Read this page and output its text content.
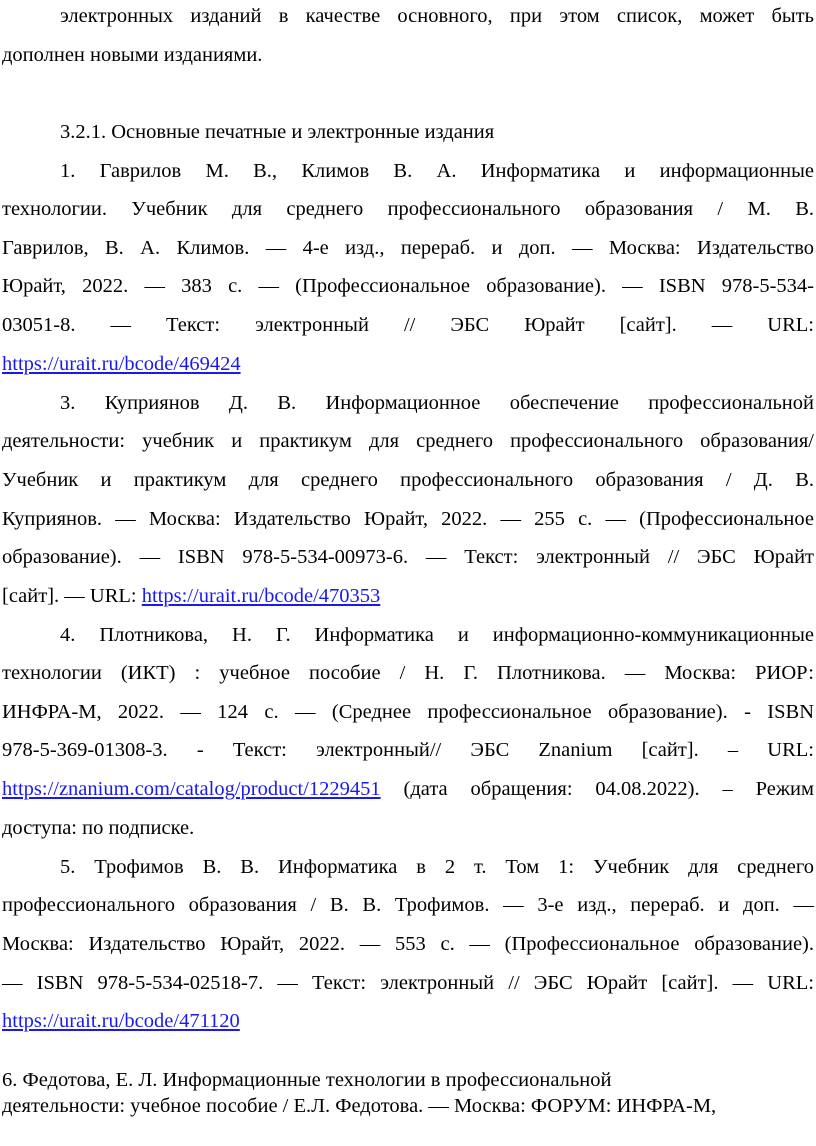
электронных изданий в качестве основного, при этом список, может быть
дополнен новыми изданиями.
3.2.1. Основные печатные и электронные издания
1. Гаврилов М. В., Климов В. А. Информатика и информационные
технологии. Учебник для среднего профессионального образования / М. В.
Гаврилов, В. А. Климов. — 4-е изд., перераб. и доп. — Москва: Издательство
Юрайт, 2022. — 383 с. — (Профессиональное образование). — ISBN 978-5-534-
03051-8. — Текст: электронный // ЭБС Юрайт [сайт]. — URL:
https://urait.ru/bcode/469424
3. Куприянов Д. В. Информационное обеспечение профессиональной
деятельности: учебник и практикум для среднего профессионального образования/
Учебник и практикум для среднего профессионального образования / Д. В.
Куприянов. — Москва: Издательство Юрайт, 2022. — 255 с. — (Профессиональное
образование). — ISBN 978-5-534-00973-6. — Текст: электронный // ЭБС Юрайт
[сайт]. — URL: https://urait.ru/bcode/470353
4. Плотникова, Н. Г. Информатика и информационно-коммуникационные
технологии (ИКТ) : учебное пособие / Н. Г. Плотникова. — Москва: РИОР:
ИНФРА-М, 2022. — 124 с. — (Среднее профессиональное образование). - ISBN
978-5-369-01308-3. - Текст: электронный// ЭБС Znanium [сайт]. – URL:
https://znanium.com/catalog/product/1229451 (дата обращения: 04.08.2022). – Режим
доступа: по подписке.
5. Трофимов В. В. Информатика в 2 т. Том 1: Учебник для среднего
профессионального образования / В. В. Трофимов. — 3-е изд., перераб. и доп. —
Москва: Издательство Юрайт, 2022. — 553 с. — (Профессиональное образование).
— ISBN 978-5-534-02518-7. — Текст: электронный // ЭБС Юрайт [сайт]. — URL:
https://urait.ru/bcode/471120
6. Федотова, Е. Л. Информационные технологии в профессиональной
деятельности: учебное пособие / Е.Л. Федотова. — Москва: ФОРУМ: ИНФРА-М,
